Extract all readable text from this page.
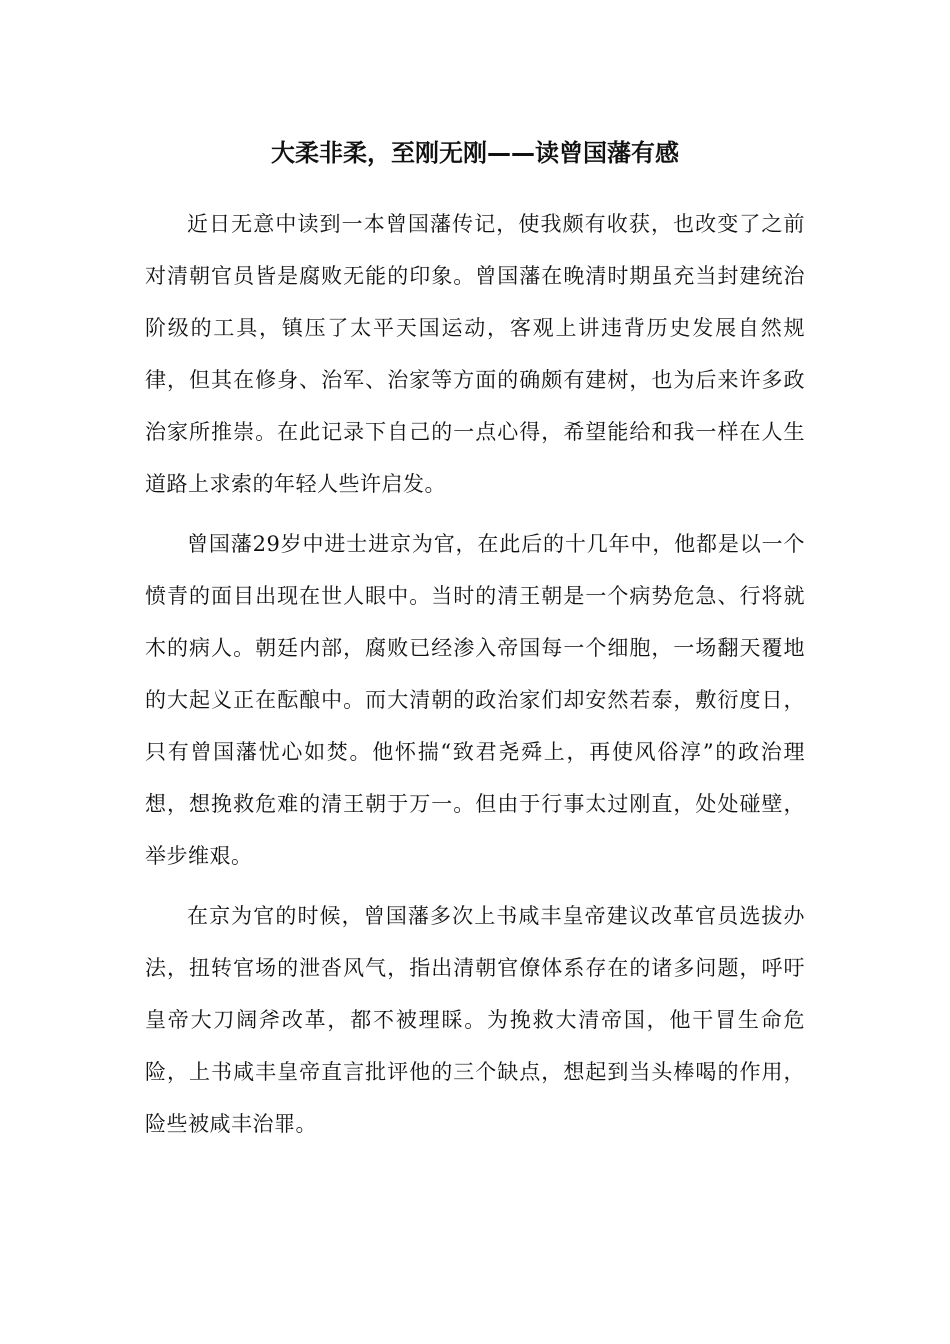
大柔非柔，至刚无刚——读曾国藩有感

近日无意中读到一本曾国藩传记，使我颇有收获，也改变了之前对清朝官员皆是腐败无能的印象。曾国藩在晚清时期虽充当封建统治阶级的工具，镇压了太平天国运动，客观上讲违背历史发展自然规律，但其在修身、治军、治家等方面的确颇有建树，也为后来许多政治家所推崇。在此记录下自己的一点心得，希望能给和我一样在人生道路上求索的年轻人些许启发。

曾国藩29岁中进士进京为官，在此后的十几年中，他都是以一个愤青的面目出现在世人眼中。当时的清王朝是一个病势危急、行将就木的病人。朝廷内部，腐败已经渗入帝国每一个细胞，一场翻天覆地的大起义正在酝酿中。而大清朝的政治家们却安然若泰，敷衍度日，只有曾国藩忧心如焚。他怀揣“致君尧舜上，再使风俗淳”的政治理想，想挽救危难的清王朝于万一。但由于行事太过刚直，处处碰壁，举步维艰。

在京为官的时候，曾国藩多次上书咸丰皇帝建议改革官员选拔办法，扭转官场的泄沓风气，指出清朝官僚体系存在的诸多问题，呼吁皇帝大刀阔斧改革，都不被理睬。为挽救大清帝国，他干冒生命危险，上书咸丰皇帝直言批评他的三个缺点，想起到当头棒喝的作用，险些被咸丰治罪。
